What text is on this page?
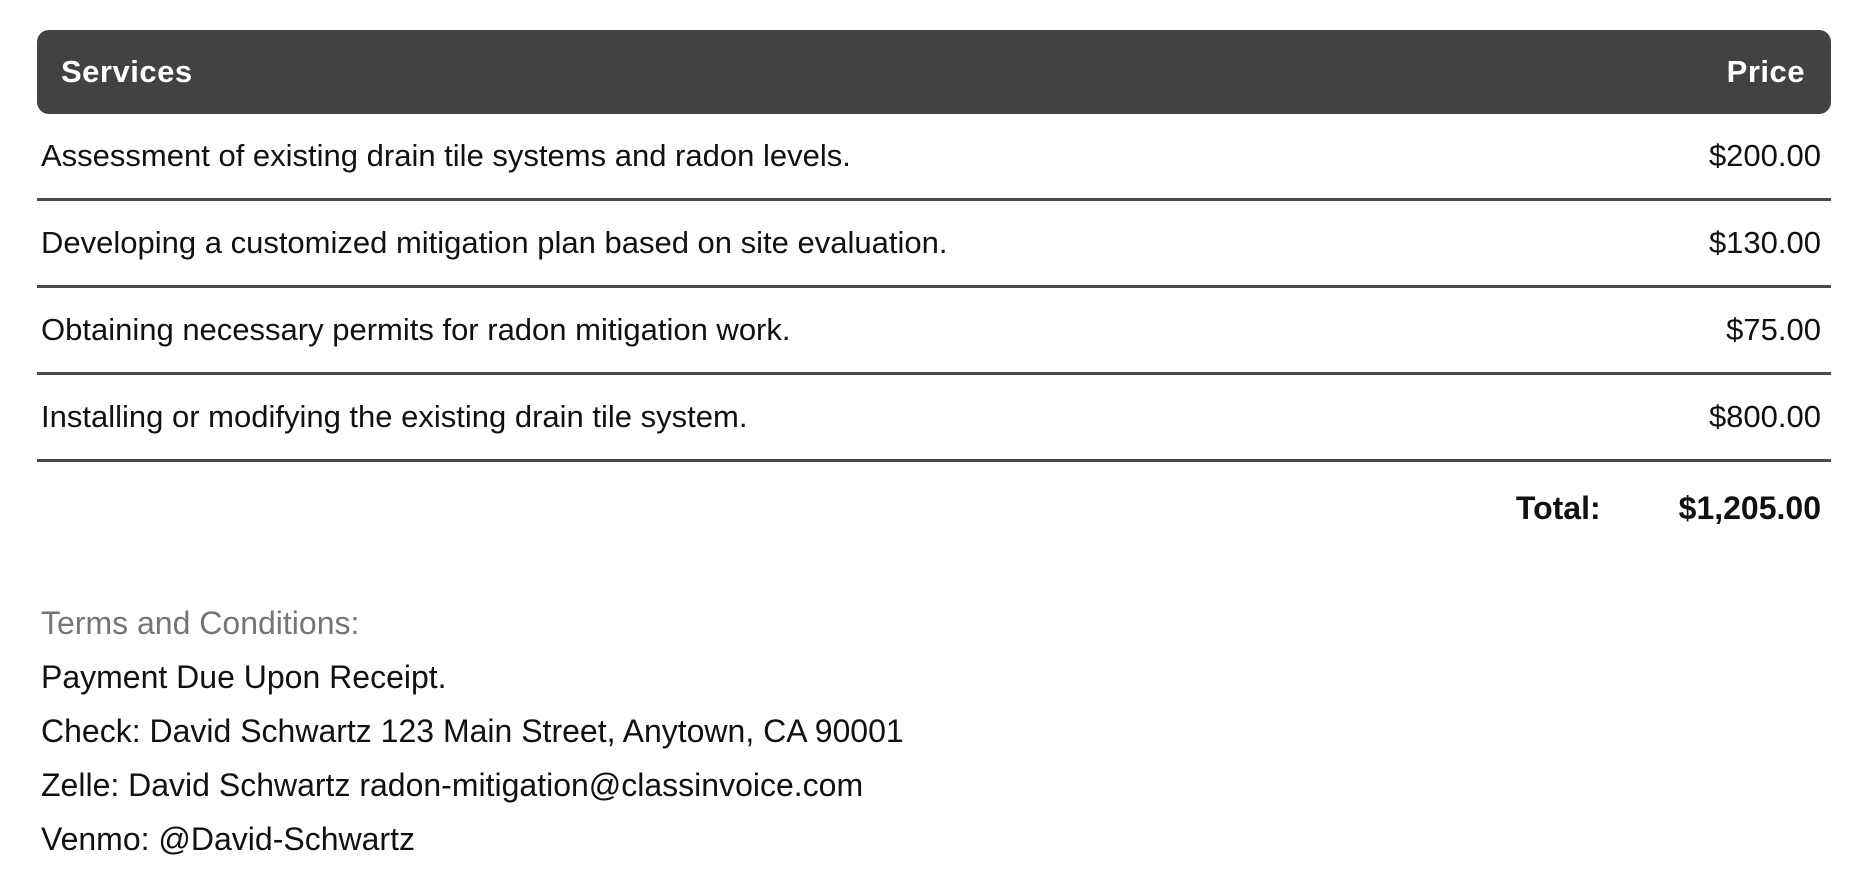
Services	Price
Assessment of existing drain tile systems and radon levels.	$200.00
Developing a customized mitigation plan based on site evaluation.	$130.00
Obtaining necessary permits for radon mitigation work.	$75.00
Installing or modifying the existing drain tile system.	$800.00
Total: $1,205.00
Terms and Conditions:
Payment Due Upon Receipt.
Check: David Schwartz 123 Main Street, Anytown, CA 90001
Zelle: David Schwartz radon-mitigation@classinvoice.com
Venmo: @David-Schwartz
